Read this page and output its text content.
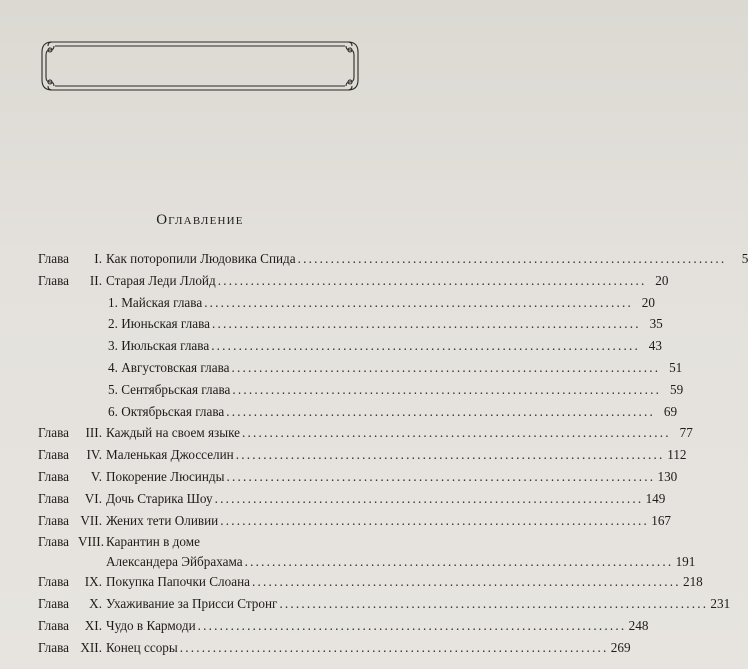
Оглавление
Глава	I. Как поторопили Людовика Спида ..............................................................................	5
Глава	II. Старая Леди Ллойд .............................................................................. 20
1. Майская глава .............................................................................. 20
2. Июньская глава .............................................................................. 35
3. Июльская глава .............................................................................. 43
4. Августовская глава .............................................................................. 51
5. Сентябрьская глава .............................................................................. 59
6. Октябрьская глава .............................................................................. 69
Глава	III. Каждый на своем языке .............................................................................. 77
Глава	IV. Маленькая Джосселин .............................................................................. 112
Глава	V. Покорение Люсинды .............................................................................. 130
Глава	VI. Дочь Старика Шоу .............................................................................. 149
Глава VII. Жених тети Оливии .............................................................................. 167
Глава VIII. Карантин в доме
Александера Эйбрахама .............................................................................. 191
Глава	IX. Покупка Папочки Слоана .............................................................................. 218
Глава	X. Ухаживание за Присси Стронг .............................................................................. 231
Глава	XI. Чудо в Кармоди .............................................................................. 248
Глава XII. Конец ссоры .............................................................................. 269
